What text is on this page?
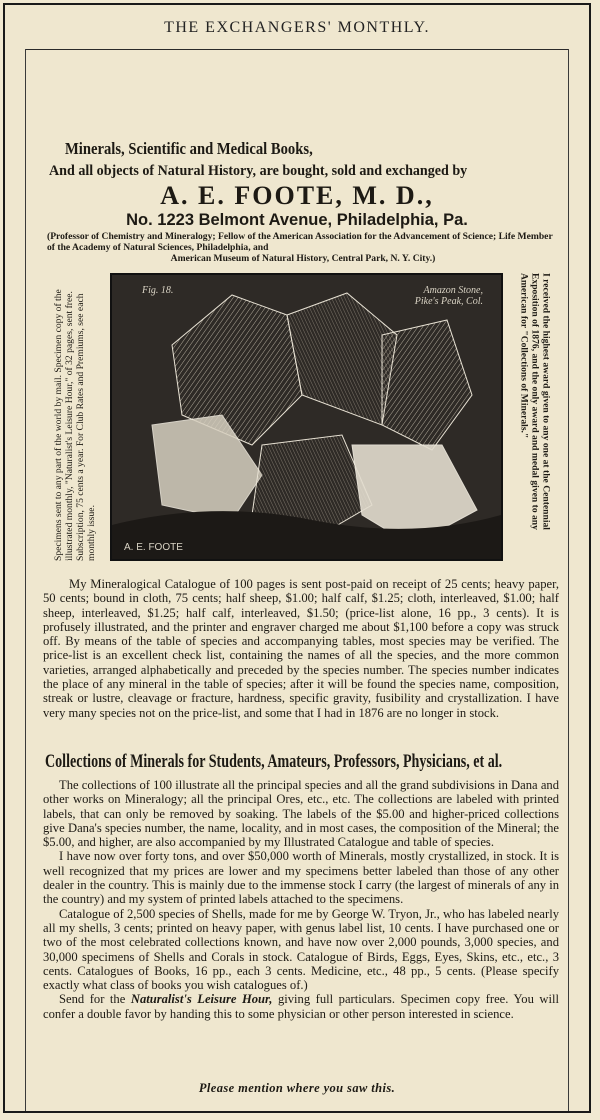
THE EXCHANGERS' MONTHLY.
Minerals, Scientific and Medical Books,
And all objects of Natural History, are bought, sold and exchanged by
A. E. FOOTE, M. D.,
No. 1223 Belmont Avenue, Philadelphia, Pa.

(Professor of Chemistry and Mineralogy; Fellow of the American Association for the Advancement of Science; Life Member of the Academy of Natural Sciences, Philadelphia, and

American Museum of Natural History, Central Park, N. Y. City.)

Specimens sent to any part of the world by mail. Specimen copy of the illustrated monthly, "Naturalist's Leisure Hour," of 32 pages, sent free. Subscription, 75 cents a year. For Club Rates and Premiums, see each monthly issue.

Fig. 18.	Amazon Stone,
Pike's Peak, Col.
A. E. FOOTE

I received the highest award given to any one at the Centennial Exposition of 1876, and the only award and medal given to any American for "Collections of Minerals."

My Mineralogical Catalogue of 100 pages is sent post-paid on receipt of 25 cents; heavy paper, 50 cents; bound in cloth, 75 cents; half sheep, $1.00; half calf, $1.25; cloth, interleaved, $1.00; half sheep, interleaved, $1.25; half calf, interleaved, $1.50; (price-list alone, 16 pp., 3 cents). It is profusely illustrated, and the printer and engraver charged me about $1,100 before a copy was struck off. By means of the table of species and accompanying tables, most species may be verified. The price-list is an excellent check list, containing the names of all the species, and the more common varieties, arranged alphabetically and preceded by the species number. The species number indicates the place of any mineral in the table of species; after it will be found the species name, composition, streak or lustre, cleavage or fracture, hardness, specific gravity, fusibility and crystallization. I have very many species not on the price-list, and some that I had in 1876 are no longer in stock.

Collections of Minerals for Students, Amateurs, Professors, Physicians, et al.

The collections of 100 illustrate all the principal species and all the grand subdivisions in Dana and other works on Mineralogy; all the principal Ores, etc., etc. The collections are labeled with printed labels, that can only be removed by soaking. The labels of the $5.00 and higher-priced collections give Dana's species number, the name, locality, and in most cases, the composition of the Mineral; the $5.00, and higher, are also accompanied by my Illustrated Catalogue and table of species.

I have now over forty tons, and over $50,000 worth of Minerals, mostly crystallized, in stock. It is well recognized that my prices are lower and my specimens better labeled than those of any other dealer in the country. This is mainly due to the immense stock I carry (the largest of minerals of any in the country) and my system of printed labels attached to the specimens.

Catalogue of 2,500 species of Shells, made for me by George W. Tryon, Jr., who has labeled nearly all my shells, 3 cents; printed on heavy paper, with genus label list, 10 cents. I have purchased one or two of the most celebrated collections known, and have now over 2,000 pounds, 3,000 species, and 30,000 specimens of Shells and Corals in stock. Catalogue of Birds, Eggs, Eyes, Skins, etc., etc., 3 cents. Catalogues of Books, 16 pp., each 3 cents. Medicine, etc., 48 pp., 5 cents. (Please specify exactly what class of books you wish catalogues of.)

Send for the Naturalist's Leisure Hour, giving full particulars. Specimen copy free. You will confer a double favor by handing this to some physician or other person interested in science.

Please mention where you saw this.
